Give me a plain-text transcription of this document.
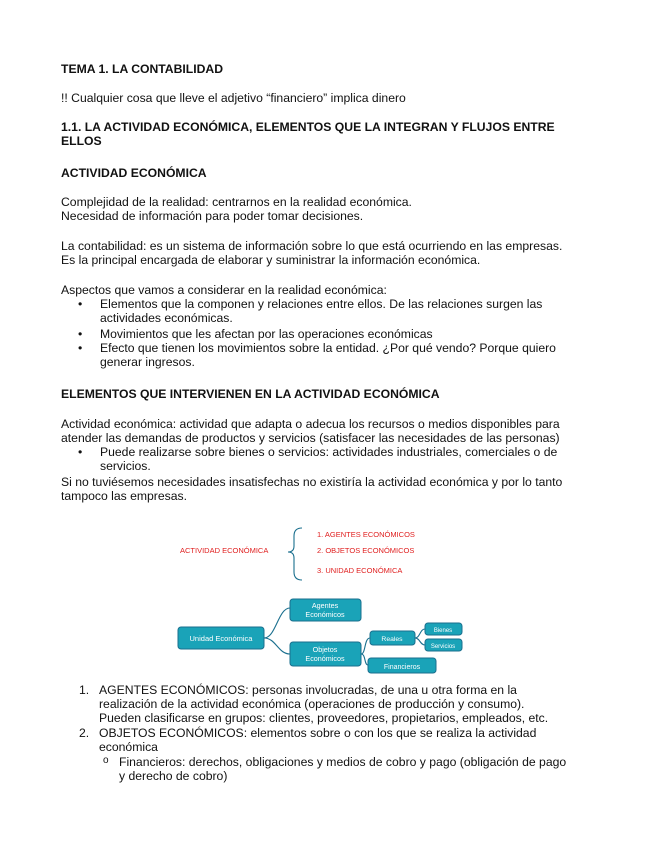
TEMA 1. LA CONTABILIDAD
!! Cualquier cosa que lleve el adjetivo “financiero” implica dinero
1.1. LA ACTIVIDAD ECONÓMICA, ELEMENTOS QUE LA INTEGRAN Y FLUJOS ENTRE ELLOS
ACTIVIDAD ECONÓMICA
Complejidad de la realidad: centrarnos en la realidad económica.
Necesidad de información para poder tomar decisiones.
La contabilidad: es un sistema de información sobre lo que está ocurriendo en las empresas.
Es la principal encargada de elaborar y suministrar la información económica.
Aspectos que vamos a considerar en la realidad económica:
• Elementos que la componen y relaciones entre ellos. De las relaciones surgen las actividades económicas.
• Movimientos que les afectan por las operaciones económicas
• Efecto que tienen los movimientos sobre la entidad. ¿Por qué vendo? Porque quiero generar ingresos.
ELEMENTOS QUE INTERVIENEN EN LA ACTIVIDAD ECONÓMICA
Actividad económica: actividad que adapta o adecua los recursos o medios disponibles para atender las demandas de productos y servicios (satisfacer las necesidades de las personas)
• Puede realizarse sobre bienes o servicios: actividades industriales, comerciales o de servicios.
Si no tuviésemos necesidades insatisfechas no existiría la actividad económica y por lo tanto tampoco las empresas.
ACTIVIDAD ECONÓMICA
1. AGENTES ECONÓMICOS
2. OBJETOS ECONÓMICOS
3. UNIDAD ECONÓMICA
Unidad Económica
Agentes
Económicos
Objetos
Económicos
Reales
Bienes
Servicios
Financieros
1. AGENTES ECONÓMICOS: personas involucradas, de una u otra forma en la
realización de la actividad económica (operaciones de producción y consumo).
Pueden clasificarse en grupos: clientes, proveedores, propietarios, empleados, etc.
2. OBJETOS ECONÓMICOS: elementos sobre o con los que se realiza la actividad
económica
o Financieros: derechos, obligaciones y medios de cobro y pago (obligación de pago
y derecho de cobro)
